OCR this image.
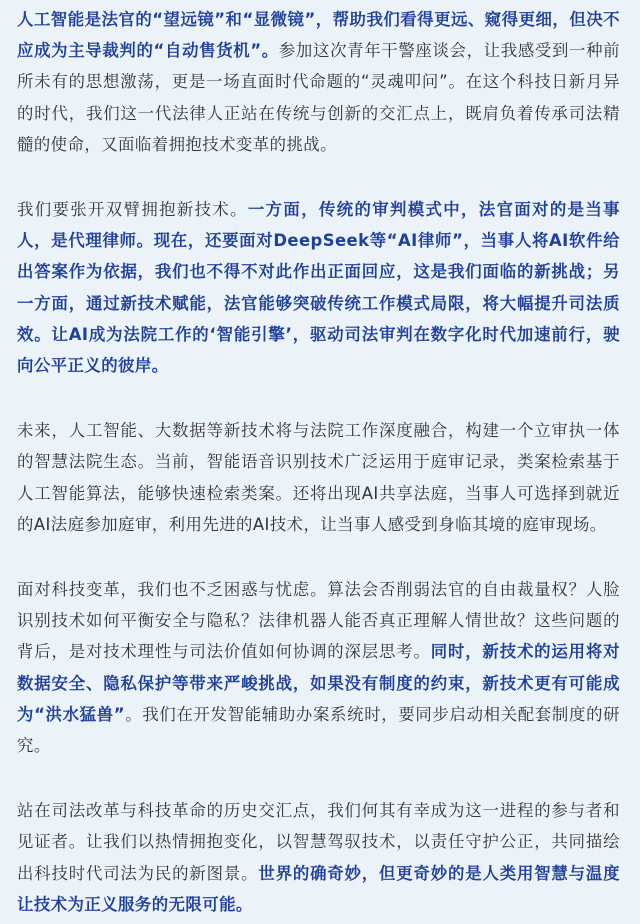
人工智能是法官的“望远镜”和“显微镜”，帮助我们看得更远、窥得更细，但决不应成为主导裁判的“自动售货机”。参加这次青年干警座谈会，让我感受到一种前所未有的思想激荡，更是一场直面时代命题的“灵魂叩问”。在这个科技日新月异的时代，我们这一代法律人正站在传统与创新的交汇点上，既肩负着传承司法精髓的使命，又面临着拥抱技术变革的挑战。

我们要张开双臂拥抱新技术。一方面，传统的审判模式中，法官面对的是当事人，是代理律师。现在，还要面对DeepSeek等“AI律师”，当事人将AI软件给出答案作为依据，我们也不得不对此作出正面回应，这是我们面临的新挑战；另一方面，通过新技术赋能，法官能够突破传统工作模式局限，将大幅提升司法质效。让AI成为法院工作的‘智能引擎’，驱动司法审判在数字化时代加速前行，驶向公平正义的彼岸。

未来，人工智能、大数据等新技术将与法院工作深度融合，构建一个立审执一体的智慧法院生态。当前，智能语音识别技术广泛运用于庭审记录，类案检索基于人工智能算法，能够快速检索类案。还将出现AI共享法庭，当事人可选择到就近的AI法庭参加庭审，利用先进的AI技术，让当事人感受到身临其境的庭审现场。

面对科技变革，我们也不乏困惑与忧虑。算法会否削弱法官的自由裁量权？人脸识别技术如何平衡安全与隐私？法律机器人能否真正理解人情世故？这些问题的背后，是对技术理性与司法价值如何协调的深层思考。同时，新技术的运用将对数据安全、隐私保护等带来严峻挑战，如果没有制度的约束，新技术更有可能成为“洪水猛兽”。我们在开发智能辅助办案系统时，要同步启动相关配套制度的研究。

站在司法改革与科技革命的历史交汇点，我们何其有幸成为这一进程的参与者和见证者。让我们以热情拥抱变化，以智慧驾驭技术，以责任守护公正，共同描绘出科技时代司法为民的新图景。世界的确奇妙，但更奇妙的是人类用智慧与温度让技术为正义服务的无限可能。
